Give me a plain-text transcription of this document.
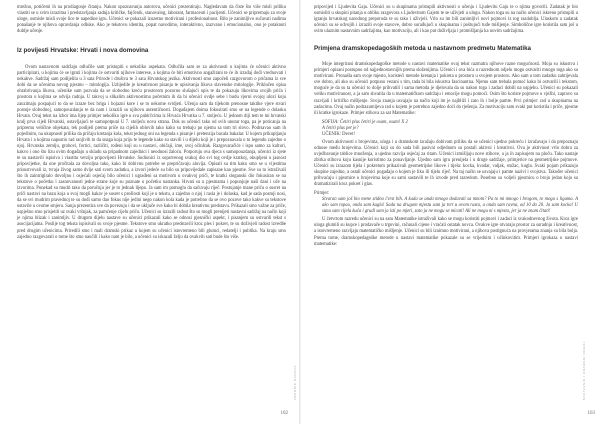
mrežno, potičemi ih na prodiagonje čitanju. Nakon upoznavanja autorova, učenici prezentiraju. Nagledavam da čiste što više misli priliku vlastiti se u svim izrazima i predstavljanja sadnja kritičke, fajčenik, stanovalog, laborant, farmaceuti i pacijenti. Učenici se pripremaju za svoje uloge, osmisle misli svoje lice te napedine igru. Učenici se pokazali izuzetno motivirani i profesionalnost. Bilo je zanimljivo sučavati nadima ponašanje te njihova opravdanja odluke. Ako je tekstovu identita, popat navodimo, interaktivno, izazvano i emocionalno, ono je potaknuti dublje učenje.

Iz povijesti Hrvatske: Hrvati i nova domovina

Ovom nastavnom sadržaju odlučile sam pristupiti s nekoliko aspekata. Odlučila sam se za aktivnosti u kojima će učenici aktivno participirati, u kojima će se igrati i kojima će ostvariti njihove interese, a kojima će biti emotivno angažirani te će ih izrađaj dođi vrednovati i nekakve. Sadržaj sam podijelila u 3 sata Prirode i društva te 3 sata Hrvatskog jezika. Aktivnosti smo započeli razgovorom o pričama iz sve dobi da se učenima novog pjesmu – mitologija. Uzlijedile je kreativnost pisanja te upisivanja likova slavenske mitologije. Priklučen opisa ohrabrivanja likova, učenike sam pozvala da se slobodno kreću prostorom pozorno slušajući opis te da pokazuju likovima svojih priča i prostora u kojima se odvija radnja. U takvoj u slikalim aktivnostima početnim ih da bi učenici ovdje sebe i budu vjerni svojoj ulozi koju zauzimaju pospajući to da se izraze bez briga i bojazni kore i se to nekome svidjeti. Učenja sam da tijekom prenosne taktike vjere stvari postoje slobodnoj, samopouzdanju te da nam i izrazili su njihovu autentičnosti. Događajem doima fokusirati smo se na legende o dolasku Hrvata. Ovaj tekst na izbor ima lijep primjer nekoliko igre u sva pabirčcima iz Hrvaća Hrvatka u 7. stoljeću. U jednom diji tem te mi hrvatski kralj prva cijeli Hrvatski, ostavljajući te samopotpuni U 7. stoljeću nova strana. Dok su učenici tako od svih unutar toga, pa je poticanja na pripremu veličine objekata, tek podijeli prema priče na cijelih oblovih tako kako su trebaju po njemu sa tom tri slovo. Podrsavao sam ih pojedinim, na ukupnosti prilika da pričaju kretanja kola, tekst jednog oni na legenda s pisanje i pretenzija bacala bakalar. U kojem prikupljanju Hrvata i a kojima napustio rad ranjivih to da snaga koja priju te legende kako su stavili i u dijelu koji je i prepoznavala u tu legendu zajedno o njoj. Hrvatsku zemlju, grobovi, fortici, različiti, rođeni koji su u nastavi, običaji, ime, svoj očinštak. Razgovaračiće i ispu samo za kulturi, kakvo i ono što lizu ovim događaju u skladu sa pripadnom zajednici i neodnosi žaloću. Potporuju ova djeca s samopouzdanja, učenici iz sjete te su nastavili ispisiva i vlastitu verziju pripovijesti Hrvatske. Sudionici iz sopstvenog svakoj dio svi tog ovdje kratkoj, okupljeni u jasnost pripovijetke, da one pročitala za dovoljna tako, kako bi dobivnu potrebe se prepričavaju aluvija. Opisali su tim kako smo se u vijestima prisustvovali iz, tvraja živog samo dvije sati svom zadatku, a izvori jedeće su bilo su pripovijedale zapisane kao pjesme. Sve su to istraživali što ih zaintrigiralo dovoljno i osjećali osjećaj bilo učenici i ugrađeni sa motivom u ovakvoj priči, te kratki sloganski dio fokusiran se na tekstove o početku i zasnovanosti jedne strane koje su poznate u početku nastanka. Hrvati su u pjesmama i popunjuje naši dani i uče na izvorima. Ponekad su mudri tako da poručuju jer je to jednak lijepo. Ja sam im pomoglu da sačuvaju riječ. Postojanje mane priču o susret na priči nastavi na bazu koja u svoj mogli kakav je susret s prošlosti koji je u tekstu, a zajedno o njoj i rasla je i dolaska, kad je sada postoji nosi, da se svi mudrim pravednoj te su dođi samo dao fokus nije jedini nego nakon kola kada je potrebno da se ovo pozove tako kakve su tekstove ostavile u ovome smjeru. Sanja prezentira sve da povezuju i da se uključe sve kako bi dobila kreativnu predstavu. Prikazali smo važne za priče, uspješno smo prisjetili uz svaki vršnjak, za pamćenje cijelu priču. Učenici su izrazili radost što su mogli prenijeti nastavni sadržaj na način koji je njima blizak i zanimljiv. U drugom dijelu nastave su učenici prikazali kako se odnosi pjesnički aspekt, i pisanjem su ostvarili tekst s asocijacijama. Poslije tog teksta ispisivali su svoje pjesme. Tekstove smo ukratko predstavili kroz ples i pokret, te su doživjeli radost izvedbe pred drugim učenicima. Priredili smo i mali dramski prikaz u kojem su učenici istovremeno bili glumci, redatelji i publika. Na kraju smo zajedno razgovarali o tome što smo naučili i kako nam je bilo, a učenici su iskazali želju da ovakvih sati bude što više.

ZBORNIK RADOVA
102

pripovijed i Ljudevita Gaja. Učenici su u skupinama pristupili aktivnosti o učenju i Ljudevitu Gaju te o njima govorili. Zadatak je bio osmisliti u skupini pitanja u obliku razgovora s Ljudevitom Gajem te se uživjeti u ulogu. Nakon toga su na način učenici iskreno pristupili u igranju hrvatskog narodnog preporoda te su tako i uživjeli. Vrlo su im bili zanimljivi novi pojmovi iz tog razdoblja. Ulaskom u zadatak učenici su se odvojili i izrazili svoje stavove, dobro surađujući u skupinama i poštujući tuđe mišljenje. Simbolične igre koristila sam još u svim ulaznim nastavnim sadržajima, kao motivaciju, ali i kao put doživljaja i promišljanja ka novim sadržajima.

Primjena dramskopedagoških metoda u nastavnom predmetu Matematika

Moje integrirani dramskopedagoške metode u nastavi matematike ovaj tekst razmatra njihove razne mogućnosti. Moja su iskustva i primjeri opisani postupno od najjednostavnijih prema složenijima. Učenici i ova bića u razrednom odjelu mogu ostvariti mnogo toga ako su motivirani. Pronašla sam svoje mjesto, koristeći metode kretanja i pokreta u prostoru u svojem prostoru. Ako sam u tom zadatku zahtijevala sve dobro, ali ako su učenici potpuno vezani s tim, tada bi bila iskustva fascinantna. Njemu sam trebala pomoć kako bi ostvarili i tekstom, moguće je da su ta učenici to dolje prihvatili i sama metoda je djelovala da su nakon toga i zadaci dobili na uspjehu. Učenici su pokazali veliku motiviranost, a ja sam shvatila da u matematičkom sadržaju i emocije mogu pomoći. Osim što koriste pojmove u vježbi, zapravo su razvijali i kritičko mišljenje. Svoja znanja usvajaju na način koji im je najbliži i zato ih i bolje pamte. Prvi primjer: rad u skupinama na zadacima. Ovaj način podrazumijeva rad u kojem je potrebno zajedno doći do rješenja. Za motivaciju sam svaki put koristila i priče, pjesme ili kratke igrokaze. Primjer stihova za sat Matematike:

SOFIJA: Četiri plus četiri je osam, osam! X 2
A četiri plus pet je?
UČENIK: Devet!

Ovom aktivnosti s brojevima, uloga i u dramskom izražaju dobivam priliku da se učenici ujedno pokreću i izražavaju i da prepoznaju odnose među brojevima. Učenici koji su do sada bili pasivni odjednom su postali aktivni i kreativni. Ova je aktivnost vrlo dobra za uvježbavanje tablice množenja, a ujedno razvija osjećaj za ritam. Učenici izmišljaju nove stihove, a ja ih zapisujem na ploču. Tako nastaje zbirka stihova koju kasnije koristimo za ponavljanje. Ujedno sam igru prenijela i u druge sadržaje, primjerice na geometrijske pojmove. Učenici su izrazom tijela i pokretom prikazivali geometrijske likove i tijela: kocka, kvadar, valjak, stožac, kugla. Svaki pojam prikazuju skupine zajedno, a ostali učenici pogađaju o kojem je liku ili tijelu riječ. Na taj način se usvajaju i pamte nazivi i svojstva. Također učenici prihvaćaju i pjesmice o brojevima koje su sami sastavili te ih izvode pred razredom. Posebno su voljeli pjesmicu o broju jedan koju su dramatizirali kroz pokret i glas.

Primjer:
Stvaran sam još bio mene stidno čvrst bih. A kada se unda mnogo dodavati sa mnom? Pa to mi mnogo i brogom, to moga s ligama. A ako sam topao, onda sam kugla! Sada na drugom mjestu sam ja tvrt u ovom rasta, a onda sam ravna, od 10 do 20. Ja sam kocka! U sunu sam cijela kuća i grudi sam ja isti po mjeri, zato ja ne mogu se micati! Ali ne mogu ni s mjesta, jer ja ne znam čitati!

U četvrtom razredu učenici su na satu Matematike istraživali kako se mogu koristiti pojmovi i zadaci iz svakodnevnog života. Kroz igre uloga glumili su kupce i prodavače u trgovini, računali cijene i vraćali ostatak novca. Ovakve igre otvaraju prostor za suradnju i kreativnost, a istovremeno razvijaju matematičko mišljenje. Učenici su bili iznimno motivirani, a njihova postignuća na provjerama znanja su bila bolja. Prema tome, dramskopedagoške metode u nastavi matematike pokazale su se vrijednim i učinkovitim. Primjeri igrokaza u nastavi matematike:

NASTAVNIK I DRAMSKI ODGOJ
103
